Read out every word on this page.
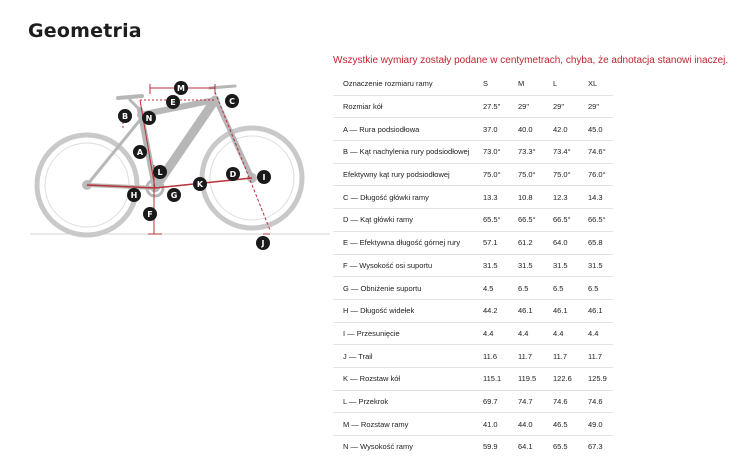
Geometria
Wszystkie wymiary zostały podane w centymetrach, chyba, że adnotacja stanowi inaczej.
M
E	C
B N
A
L
K
D	I
H	G
F
J
Oznaczenie rozmiaru ramy	S	M	L	XL
Rozmiar kół	27.5"	29"	29"	29"
A — Rura podsiodłowa	37.0	40.0	42.0	45.0
B — Kąt nachylenia rury podsiodłowej	73.0°	73.3°	73.4°	74.6°
Efektywny kąt rury podsiodłowej	75.0°	75.0°	75.0°	76.0°
C — Długość główki ramy	13.3	10.8	12.3	14.3
D — Kąt główki ramy	65.5°	66.5°	66.5°	66.5°
E — Efektywna długość górnej rury	57.1	61.2	64.0	65.8
F — Wysokość osi suportu	31.5	31.5	31.5	31.5
G — Obniżenie suportu	4.5	6.5	6.5	6.5
H — Długość widełek	44.2	46.1	46.1	46.1
I — Przesunięcie	4.4	4.4	4.4	4.4
J — Trail	11.6	11.7	11.7	11.7
K — Rozstaw kół	115.1	119.5	122.6	125.9
L — Przekrok	69.7	74.7	74.6	74.6
M — Rozstaw ramy	41.0	44.0	46.5	49.0
N — Wysokość ramy	59.9	64.1	65.5	67.3
